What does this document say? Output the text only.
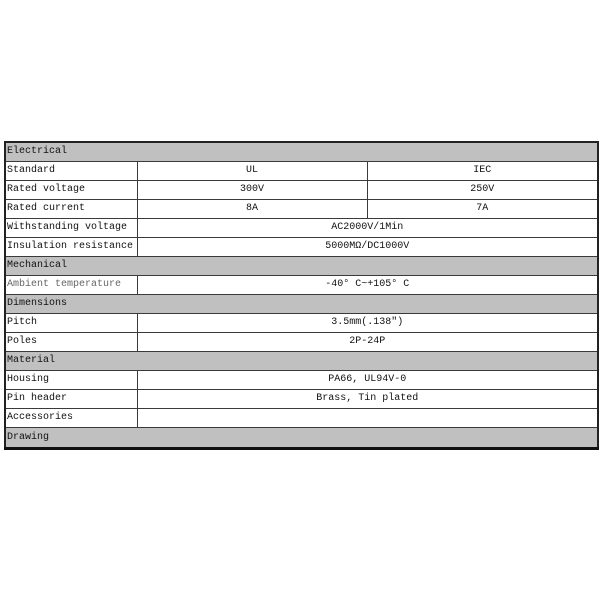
Electrical		
Standard	UL	IEC
Rated voltage	300V	250V
Rated current	8A	7A
Withstanding voltage	AC2000V/1Min	
Insulation resistance	5000MΩ/DC1000V	
Mechanical		
Ambient temperature	-40° C~+105° C	
Dimensions		
Pitch	3.5mm(.138")	
Poles	2P-24P	
Material		
Housing	PA66, UL94V-0	
Pin header	Brass, Tin plated	
Accessories		
Drawing		
